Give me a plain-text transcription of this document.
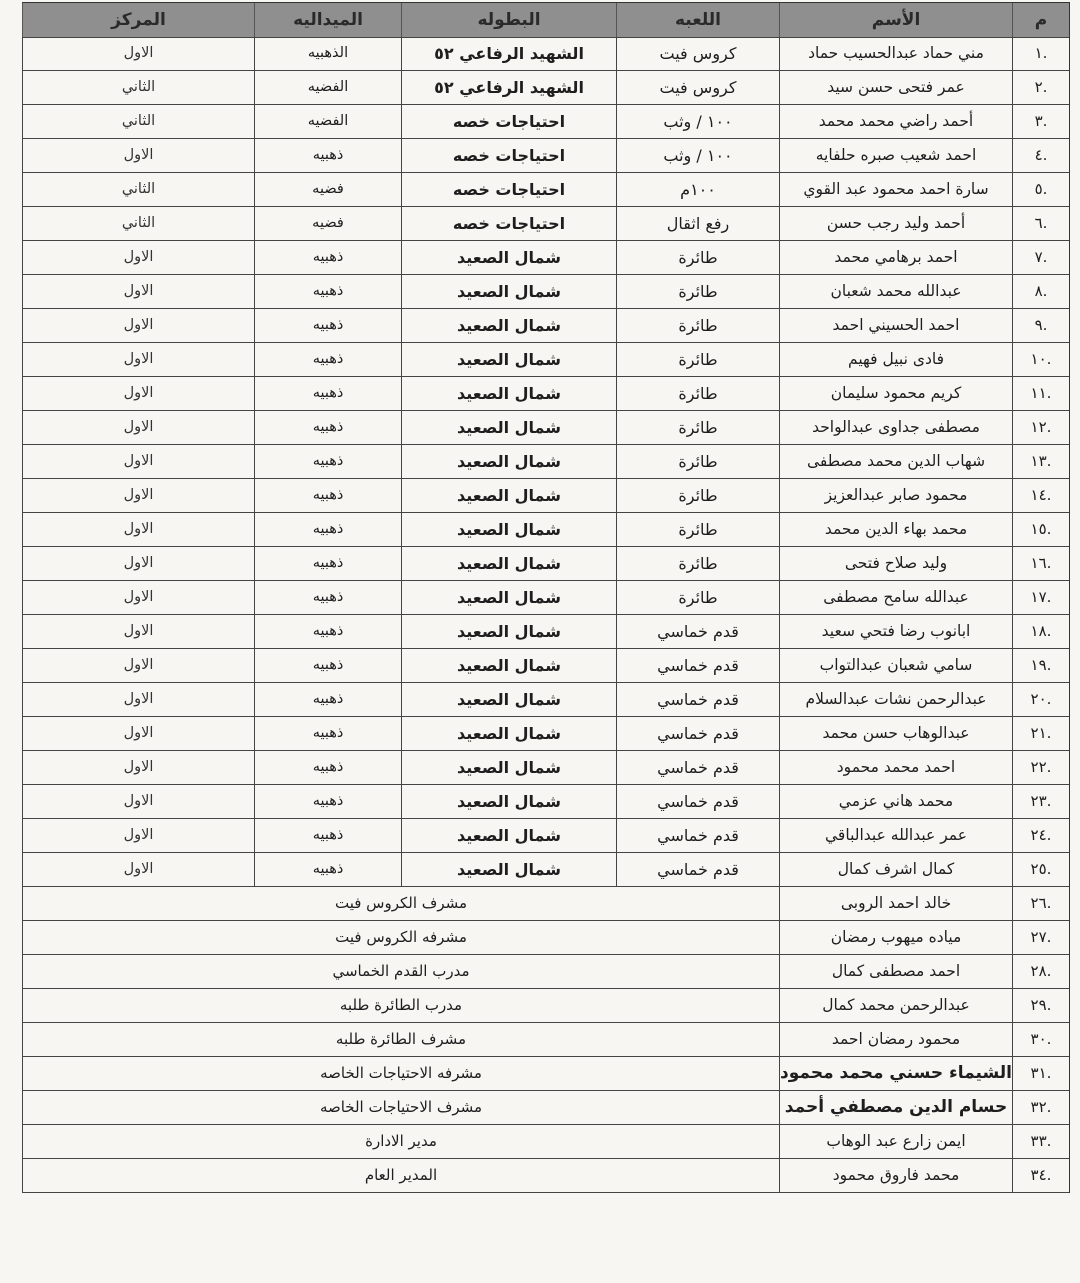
م
الأسم
اللعبه
البطوله
الميداليه
المركز
.١
مني حماد عبدالحسيب حماد
كروس فيت
الشهيد الرفاعي ٥٢
الذهبيه
الاول
.٢
عمر فتحى حسن سيد
كروس فيت
الشهيد الرفاعي ٥٢
الفضيه
الثاني
.٣
أحمد راضي محمد محمد
١٠٠ / وثب
احتياجات خصه
الفضيه
الثاني
.٤
احمد شعيب صبره حلفايه
١٠٠ / وثب
احتياجات خصه
ذهبيه
الاول
.٥
سارة احمد محمود عبد القوي
١٠٠م
احتياجات خصه
فضيه
الثاني
.٦
أحمد وليد رجب حسن
رفع اثقال
احتياجات خصه
فضيه
الثاني
.٧
احمد برهامي محمد
طائرة
شمال الصعيد
ذهبيه
الاول
.٨
عبدالله محمد شعبان
طائرة
شمال الصعيد
ذهبيه
الاول
.٩
احمد الحسيني احمد
طائرة
شمال الصعيد
ذهبيه
الاول
.١٠
فادى نبيل فهيم
طائرة
شمال الصعيد
ذهبيه
الاول
.١١
كريم محمود سليمان
طائرة
شمال الصعيد
ذهبيه
الاول
.١٢
مصطفى جداوى عبدالواحد
طائرة
شمال الصعيد
ذهبيه
الاول
.١٣
شهاب الدين محمد مصطفى
طائرة
شمال الصعيد
ذهبيه
الاول
.١٤
محمود صابر عبدالعزيز
طائرة
شمال الصعيد
ذهبيه
الاول
.١٥
محمد بهاء الدين محمد
طائرة
شمال الصعيد
ذهبيه
الاول
.١٦
وليد صلاح فتحى
طائرة
شمال الصعيد
ذهبيه
الاول
.١٧
عبدالله سامح مصطفى
طائرة
شمال الصعيد
ذهبيه
الاول
.١٨
ابانوب رضا فتحي سعيد
قدم خماسي
شمال الصعيد
ذهبيه
الاول
.١٩
سامي شعبان عبدالتواب
قدم خماسي
شمال الصعيد
ذهبيه
الاول
.٢٠
عبدالرحمن نشات عبدالسلام
قدم خماسي
شمال الصعيد
ذهبيه
الاول
.٢١
عبدالوهاب حسن محمد
قدم خماسي
شمال الصعيد
ذهبيه
الاول
.٢٢
احمد محمد محمود
قدم خماسي
شمال الصعيد
ذهبيه
الاول
.٢٣
محمد هاني عزمي
قدم خماسي
شمال الصعيد
ذهبيه
الاول
.٢٤
عمر عبدالله عبدالباقي
قدم خماسي
شمال الصعيد
ذهبيه
الاول
.٢٥
كمال اشرف كمال
قدم خماسي
شمال الصعيد
ذهبيه
الاول
.٢٦
خالد احمد الروبى
مشرف الكروس فيت
.٢٧
مياده ميهوب رمضان
مشرفه الكروس فيت
.٢٨
احمد مصطفى كمال
مدرب القدم الخماسي
.٢٩
عبدالرحمن محمد كمال
مدرب الطائرة طلبه
.٣٠
محمود رمضان احمد
مشرف الطائرة طلبه
.٣١
الشيماء حسني محمد محمود
مشرفه الاحتياجات الخاصه
.٣٢
حسام الدين مصطفي أحمد
مشرف الاحتياجات الخاصه
.٣٣
ايمن زارع عبد الوهاب
مدير الادارة
.٣٤
محمد فاروق محمود
المدير العام
